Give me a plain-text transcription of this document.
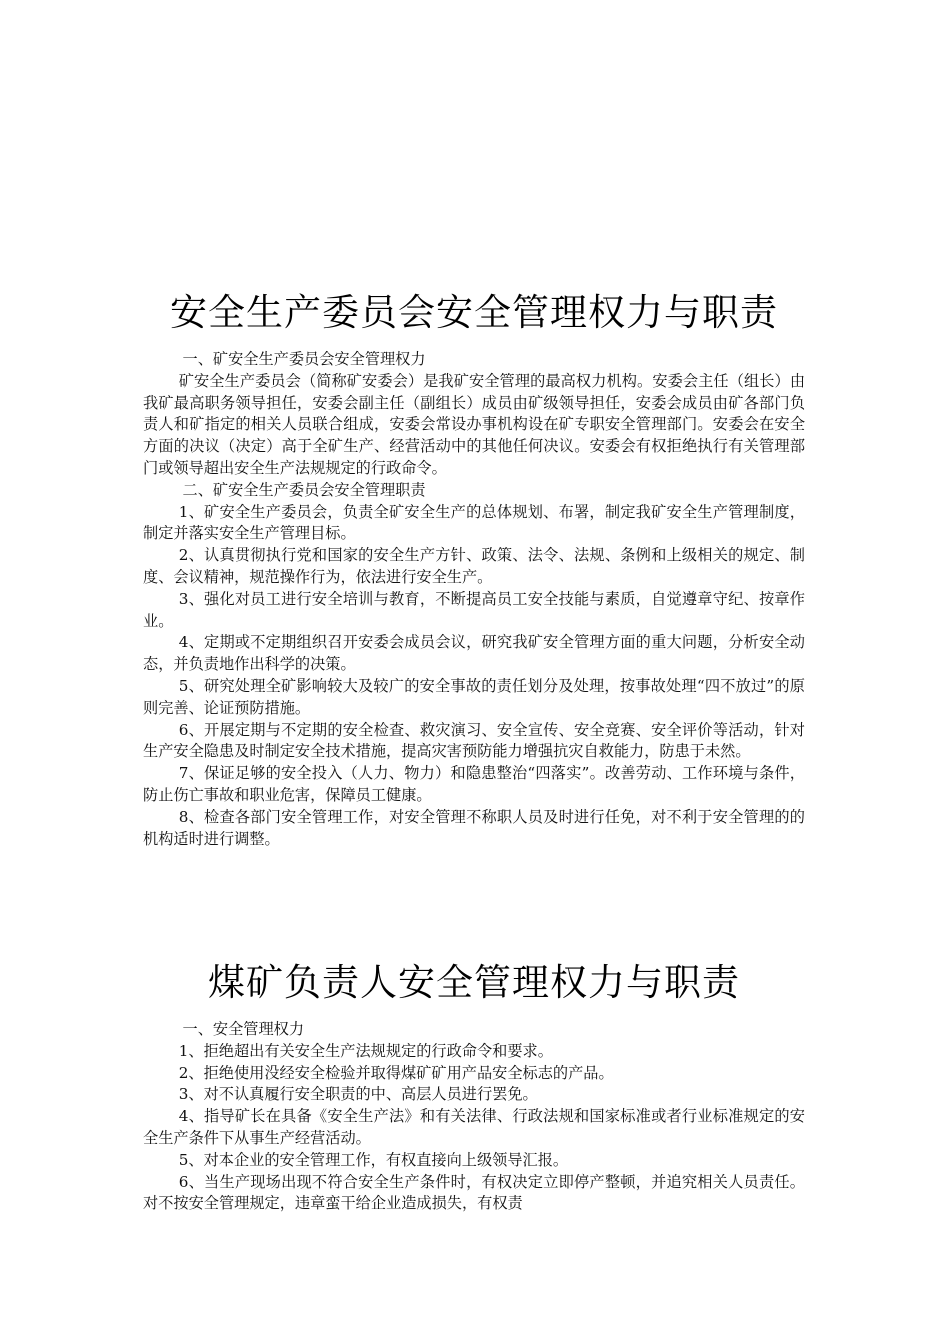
安全生产委员会安全管理权力与职责

一、矿安全生产委员会安全管理权力

矿安全生产委员会（简称矿安委会）是我矿安全管理的最高权力机构。安委会主任（组长）由我矿最高职务领导担任，安委会副主任（副组长）成员由矿级领导担任，安委会成员由矿各部门负责人和矿指定的相关人员联合组成，安委会常设办事机构设在矿专职安全管理部门。安委会在安全方面的决议（决定）高于全矿生产、经营活动中的其他任何决议。安委会有权拒绝执行有关管理部门或领导超出安全生产法规规定的行政命令。

二、矿安全生产委员会安全管理职责

1、矿安全生产委员会，负责全矿安全生产的总体规划、布署，制定我矿安全生产管理制度，制定并落实安全生产管理目标。

2、认真贯彻执行党和国家的安全生产方针、政策、法令、法规、条例和上级相关的规定、制度、会议精神，规范操作行为，依法进行安全生产。

3、强化对员工进行安全培训与教育，不断提高员工安全技能与素质，自觉遵章守纪、按章作业。

4、定期或不定期组织召开安委会成员会议，研究我矿安全管理方面的重大问题，分析安全动态，并负责地作出科学的决策。

5、研究处理全矿影响较大及较广的安全事故的责任划分及处理，按事故处理“四不放过”的原则完善、论证预防措施。

6、开展定期与不定期的安全检查、救灾演习、安全宣传、安全竞赛、安全评价等活动，针对生产安全隐患及时制定安全技术措施，提高灾害预防能力增强抗灾自救能力，防患于未然。

7、保证足够的安全投入（人力、物力）和隐患整治“四落实”。改善劳动、工作环境与条件，防止伤亡事故和职业危害，保障员工健康。

8、检查各部门安全管理工作，对安全管理不称职人员及时进行任免，对不利于安全管理的的机构适时进行调整。

煤矿负责人安全管理权力与职责

一、安全管理权力

1、拒绝超出有关安全生产法规规定的行政命令和要求。

2、拒绝使用没经安全检验并取得煤矿矿用产品安全标志的产品。

3、对不认真履行安全职责的中、高层人员进行罢免。

4、指导矿长在具备《安全生产法》和有关法律、行政法规和国家标准或者行业标准规定的安全生产条件下从事生产经营活动。

5、对本企业的安全管理工作，有权直接向上级领导汇报。

6、当生产现场出现不符合安全生产条件时，有权决定立即停产整顿，并追究相关人员责任。对不按安全管理规定，违章蛮干给企业造成损失，有权责
